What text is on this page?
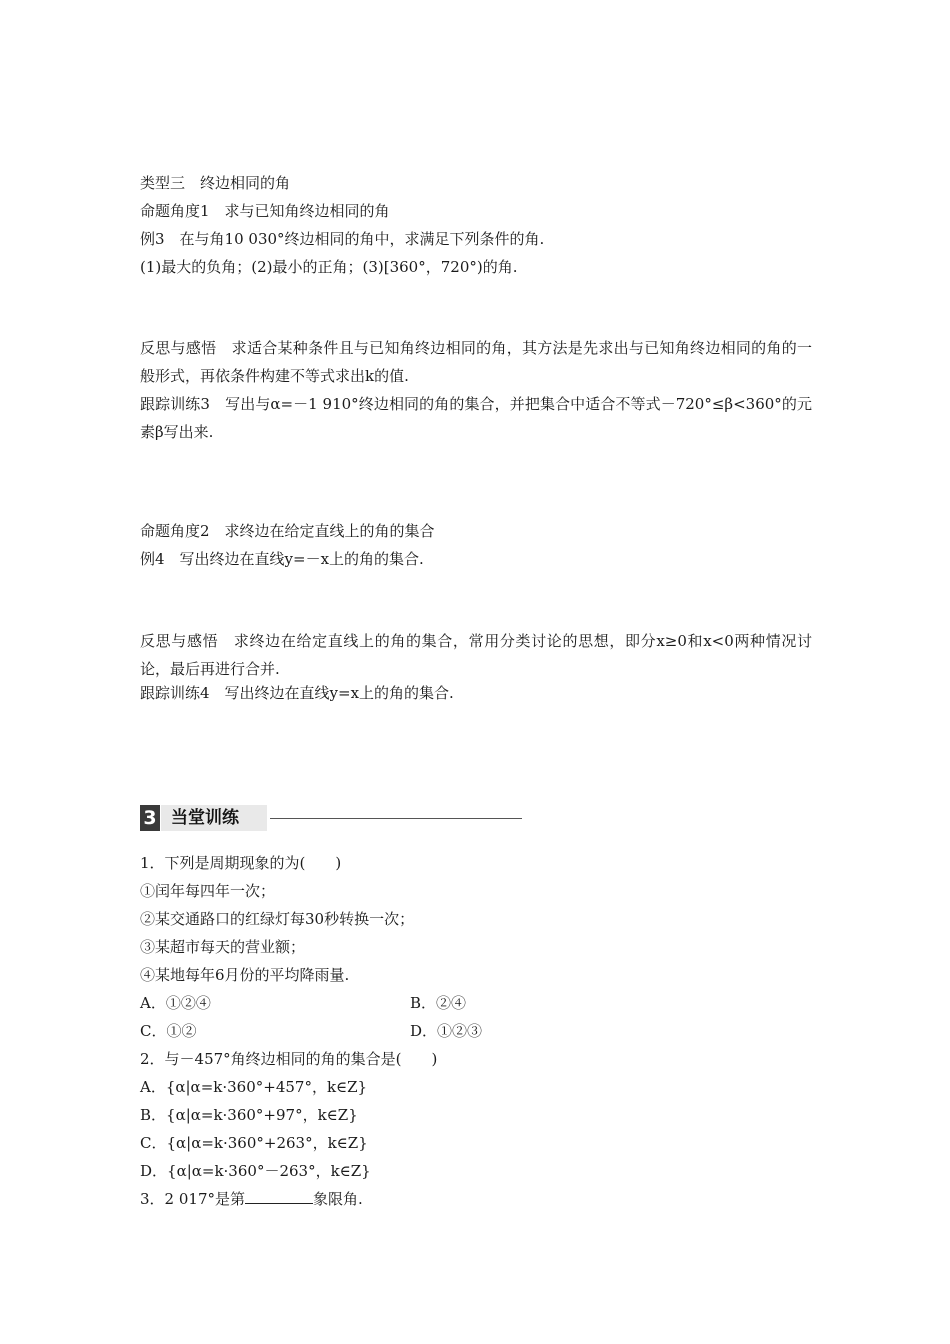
类型三　终边相同的角
命题角度1　求与已知角终边相同的角
例3　在与角10 030°终边相同的角中，求满足下列条件的角.
(1)最大的负角；(2)最小的正角；(3)[360°，720°)的角.
反思与感悟　求适合某种条件且与已知角终边相同的角，其方法是先求出与已知角终边相同的角的一般形式，再依条件构建不等式求出k的值.
跟踪训练3　写出与α=－1 910°终边相同的角的集合，并把集合中适合不等式－720°≤β<360°的元素β写出来.
命题角度2　求终边在给定直线上的角的集合
例4　写出终边在直线y=－x上的角的集合.
反思与感悟　求终边在给定直线上的角的集合，常用分类讨论的思想，即分x≥0和x<0两种情况讨论，最后再进行合并.
跟踪训练4　写出终边在直线y=x上的角的集合.
3 当堂训练
1．下列是周期现象的为(　　)
①闰年每四年一次；
②某交通路口的红绿灯每30秒转换一次；
③某超市每天的营业额；
④某地每年6月份的平均降雨量.
A．①②④	B．②④
C．①②	D．①②③
2．与－457°角终边相同的角的集合是(　　)
A．{α|α=k·360°+457°，k∈Z}
B．{α|α=k·360°+97°，k∈Z}
C．{α|α=k·360°+263°，k∈Z}
D．{α|α=k·360°－263°，k∈Z}
3．2 017°是第	象限角.
